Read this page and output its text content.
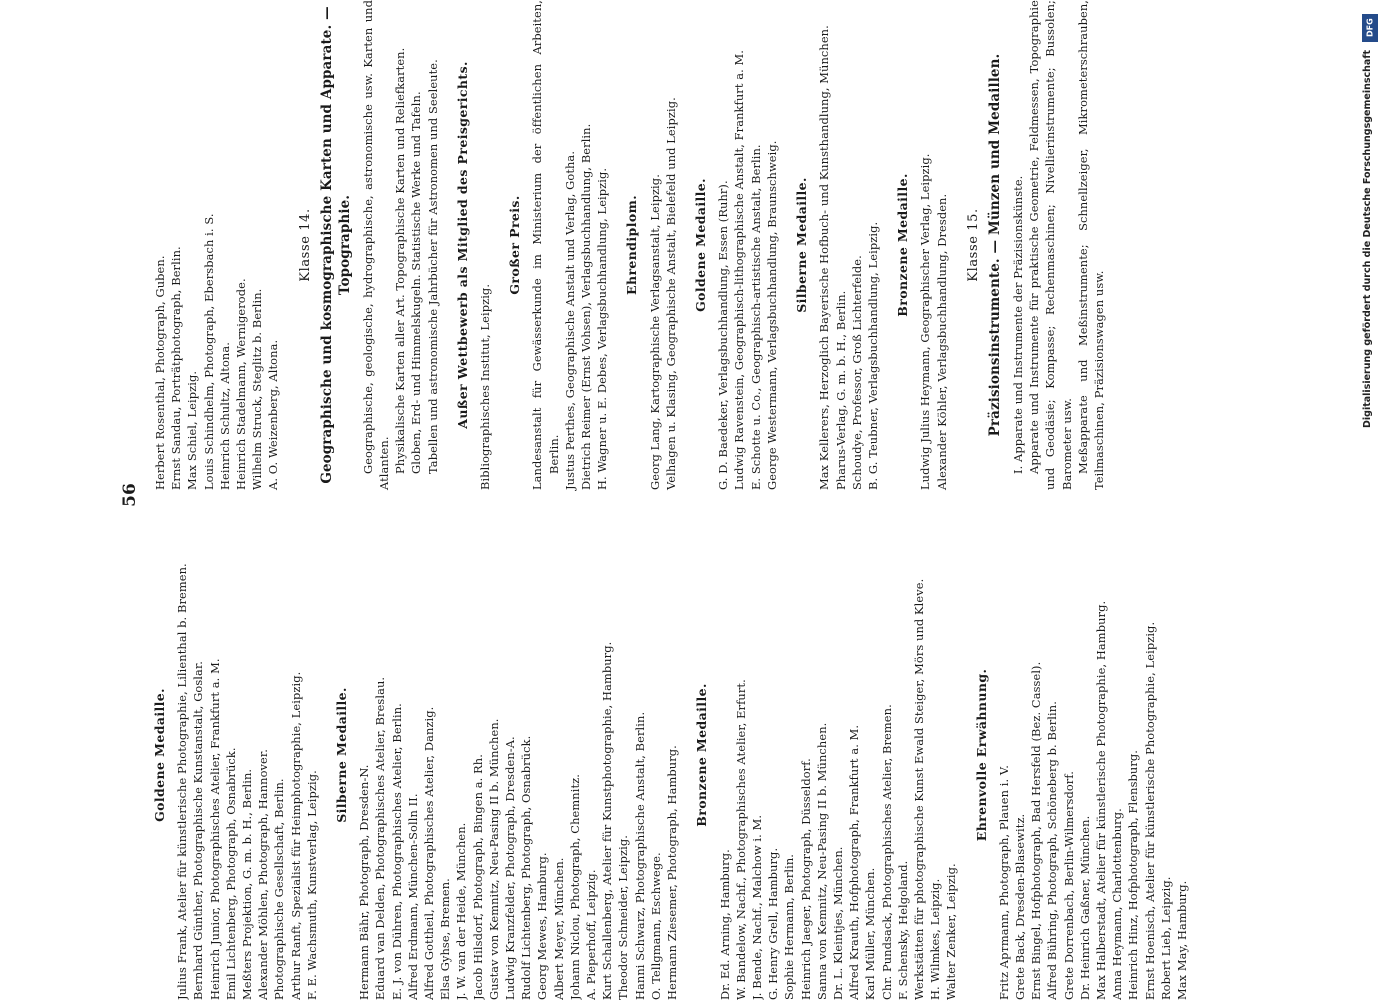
56
Goldene Medaille. Julius Frank, Atelier für künstlerische Photographie, Lilienthal b. Bremen. Bernhard Günther, Photographische Kunstanstalt, Goslar. Heinrich Junior, Photographisches Atelier, Frankfurt a. M. Emil Lichtenberg, Photograph, Osnabrück. Meßters Projektion, G. m. b. H., Berlin. Alexander Möhlen, Photograph, Hannover. Photographische Gesellschaft, Berlin. Arthur Ranft, Spezialist für Heimphotographie, Leipzig. F. E. Wachsmuth, Kunstverlag, Leipzig.
Silberne Medaille.
Hermann Bähr, Photograph, Dresden-N. Eduard van Delden, Photographisches Atelier, Breslau. E. J. von Dühren, Photographisches Atelier, Berlin. Alfred Erdmann, München-Solln II. Alfred Gottheil, Photographisches Atelier, Danzig. Elsa Gyhse, Bremen. J. W. van der Heide, München. Jacob Hilsdorf, Photograph, Bingen a. Rh. Gustav von Kemnitz, Neu-Pasing II b. München. Ludwig Kranzfelder, Photograph, Dresden-A. Rudolf Lichtenberg, Photograph, Osnabrück. Georg Mewes, Hamburg. Albert Meyer, München. Johann Niclou, Photograph, Chemnitz. A. Pieperhoff, Leipzig. Kurt Schallenberg, Atelier für Kunstphotographie, Hamburg. Theodor Schneider, Leipzig. Hanni Schwarz, Photographische Anstalt, Berlin. O. Tellgmann, Eschwege. Hermann Ziesemer, Photograph, Hamburg. Bronzene Medaille.
Dr. Ed. Arning, Hamburg. W. Bandelow, Nachf., Photographisches Atelier, Erfurt. J. Bende, Nachf., Malchow i. M. G. Henry Grell, Hamburg. Sophie Hermann, Berlin. Heinrich Jaeger, Photograph, Düsseldorf. Sanna von Kemnitz, Neu-Pasing II b. München. Dr. L. Kleintjes, München. Alfred Krauth, Hofphotograph, Frankfurt a. M. Karl Müller, München. Chr. Pundsack, Photographisches Atelier, Bremen. F. Schensky, Helgoland. Werkstätten für photographische Kunst Ewald Steiger, Mörs und Kleve. H. Wilmkes, Leipzig. Walter Zenker, Leipzig.
Ehrenvolle Erwähnung.
Fritz Aртmann, Photograph, Plauen i. V. Grete Back, Dresden-Blasewitz. Ernst Bingel, Hofphotograph, Bad Hersfeld (Bez. Cassel). Alfred Bühring, Photograph, Schöneberg b. Berlin. Grete Dorrenbach, Berlin-Wilmersdorf. Dr. Heinrich Gaßner, München. Max Halberstadt, Atelier für künstlerische Photographie, Hamburg. Anna Heymann, Charlottenburg. Heinrich Hinz, Hofphotograph, Flensburg. Ernst Hoenisch, Atelier für künstlerische Photographie, Leipzig. Robert Lieb, Leipzig. Max May, Hamburg.
Herbert Rosenthal, Photograph, Guben. Ernst Sandau, Porträtphotograph, Berlin. Max Schiel, Leipzig. Louis Schindhelm, Photograph, Ebersbach i. S. Heinrich Schultz, Altona. Heinrich Stadelmann, Wernigerode. Wilhelm Struck, Steglitz b. Berlin. A. O. Weizenberg, Altona.
Klasse 14. Geographische und kosmographische Karten und Apparate. — Topographie. Geographische, geologische, hydrographische, astronomische usw. Karten und Atlanten. Physikalische Karten aller Art. Topographische Karten und Reliefkarten. Globen, Erd- und Himmelskugeln. Statistische Werke und Tafeln. Tabellen und astronomische Jahrbücher für Astronomen und Seeleute. Außer Wettbewerb als Mitglied des Preisgerichts. Bibliographisches Institut, Leipzig.
Großer Preis. Landesanstalt für Gewässerkunde im Ministerium der öffentlichen Arbeiten, Berlin. Justus Perthes, Geographische Anstalt und Verlag, Gotha. Dietrich Reimer (Ernst Vohsen), Verlagsbuchhandlung, Berlin. H. Wagner u. E. Debes, Verlagsbuchhandlung, Leipzig. Ehrendiplom. Georg Lang, Kartographische Verlagsanstalt, Leipzig. Velhagen u. Klasing, Geographische Anstalt, Bielefeld und Leipzig. Goldene Medaille. G. D. Baedeker, Verlagsbuchhandlung, Essen (Ruhr). Ludwig Ravenstein, Geographisch-lithographische Anstalt, Frankfurt a. M. E. Schotte u. Co., Geographisch-artistische Anstalt, Berlin. George Westermann, Verlagsbuchhandlung, Braunschweig. Silberne Medaille. Max Kellerers, Herzoglich Bayerische Hofbuch- und Kunsthandlung, München. Pharus-Verlag, G. m. b. H., Berlin. Schoudye, Professor, Groß Lichterfelde. B. G. Teubner, Verlagsbuchhandlung, Leipzig. Bronzene Medaille. Ludwig Julius Heymann, Geographischer Verlag, Leipzig. Alexander Köhler, Verlagsbuchhandlung, Dresden. Klasse 15. Präzisionsinstrumente. — Münzen und Medaillen. I. Apparate und Instrumente der Präzisionskünste. Apparate und Instrumente für praktische Geometrie, Feldmessen, Topographie und Geodäsie; Kompasse; Rechenmaschinen; Nivellierinstrumente; Bussolen; Barometer usw. Meßapparate und Meßinstrumente; Schnellzeiger, Mikrometerschrauben, Teilmaschinen, Präzisionswagen usw.
DFG
Digitalisierung gefördert durch die Deutsche Forschungsgemeinschaft
